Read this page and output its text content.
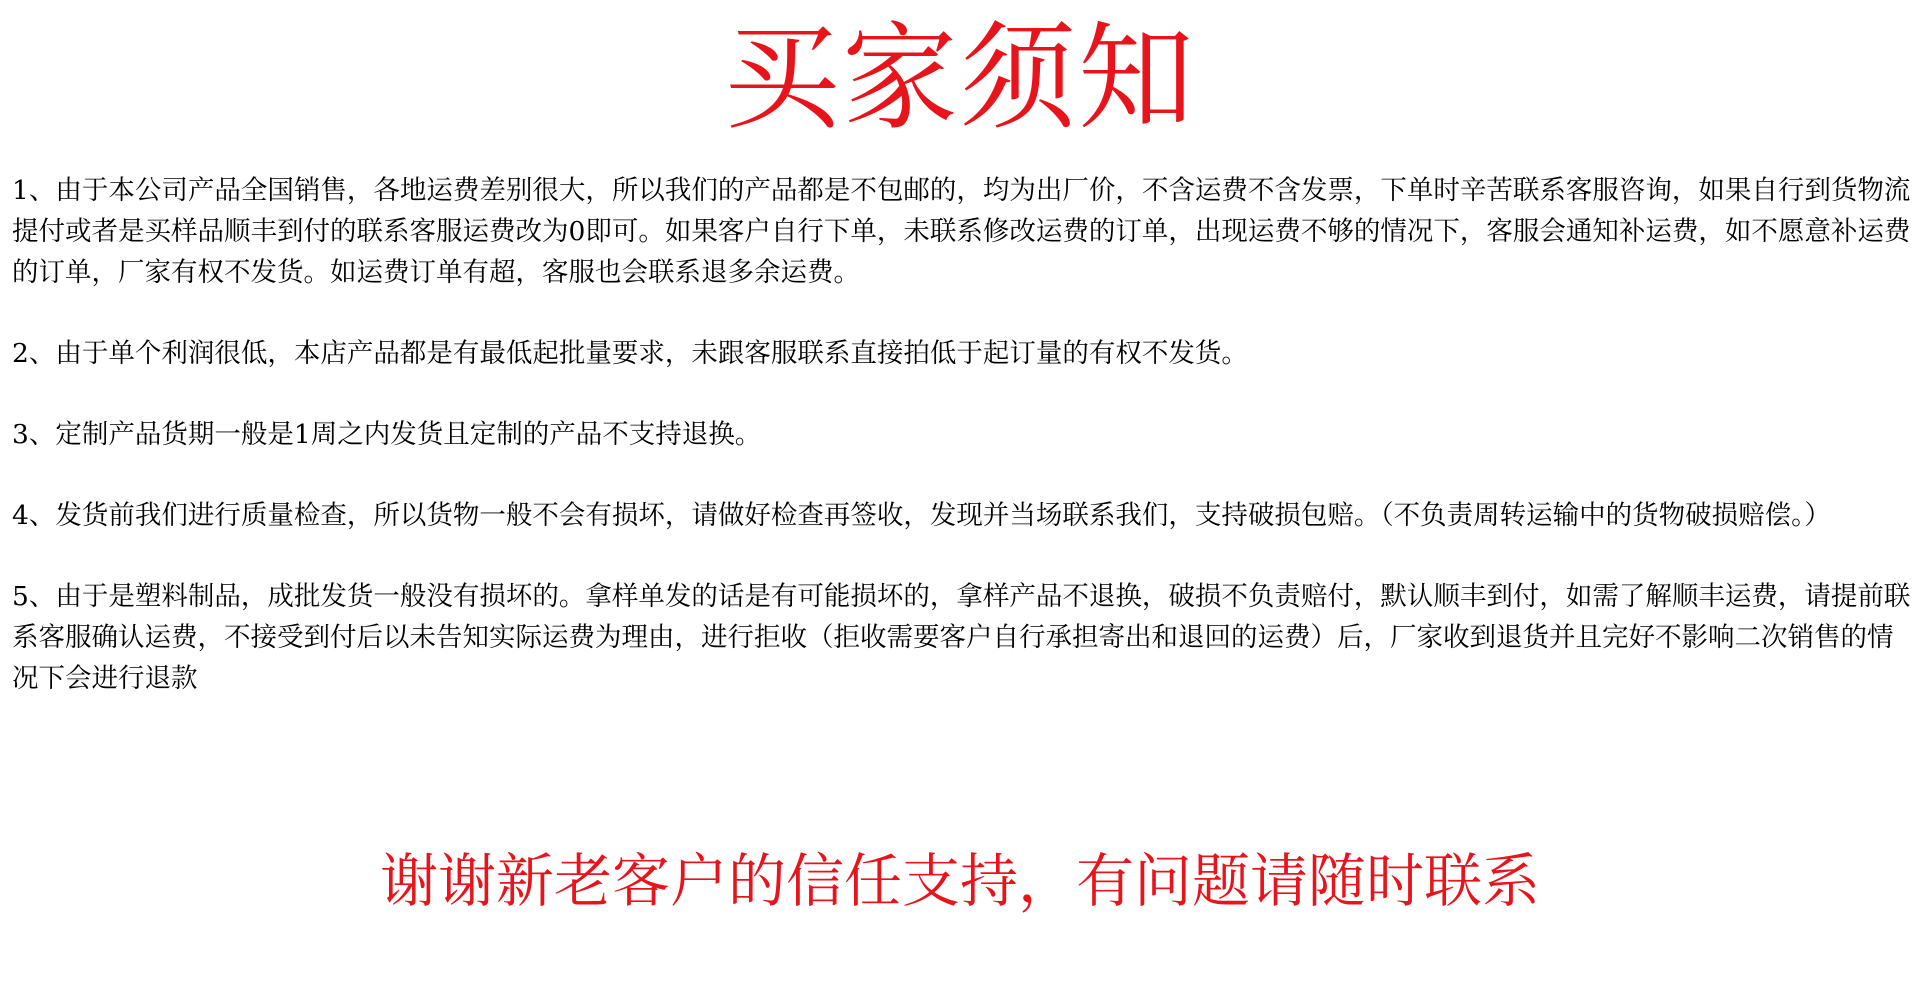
买家须知

1、由于本公司产品全国销售，各地运费差别很大，所以我们的产品都是不包邮的，均为出厂价，不含运费不含发票，下单时辛苦联系客服咨询，如果自行到货物流提付或者是买样品顺丰到付的联系客服运费改为0即可。如果客户自行下单，未联系修改运费的订单，出现运费不够的情况下，客服会通知补运费，如不愿意补运费的订单，厂家有权不发货。如运费订单有超，客服也会联系退多余运费。

2、由于单个利润很低，本店产品都是有最低起批量要求，未跟客服联系直接拍低于起订量的有权不发货。

3、定制产品货期一般是1周之内发货且定制的产品不支持退换。

4、发货前我们进行质量检查，所以货物一般不会有损坏，请做好检查再签收，发现并当场联系我们，支持破损包赔。（不负责周转运输中的货物破损赔偿。）

5、由于是塑料制品，成批发货一般没有损坏的。拿样单发的话是有可能损坏的，拿样产品不退换，破损不负责赔付，默认顺丰到付，如需了解顺丰运费，请提前联系客服确认运费，不接受到付后以未告知实际运费为理由，进行拒收（拒收需要客户自行承担寄出和退回的运费）后，厂家收到退货并且完好不影响二次销售的情况下会进行退款

谢谢新老客户的信任支持，有问题请随时联系
